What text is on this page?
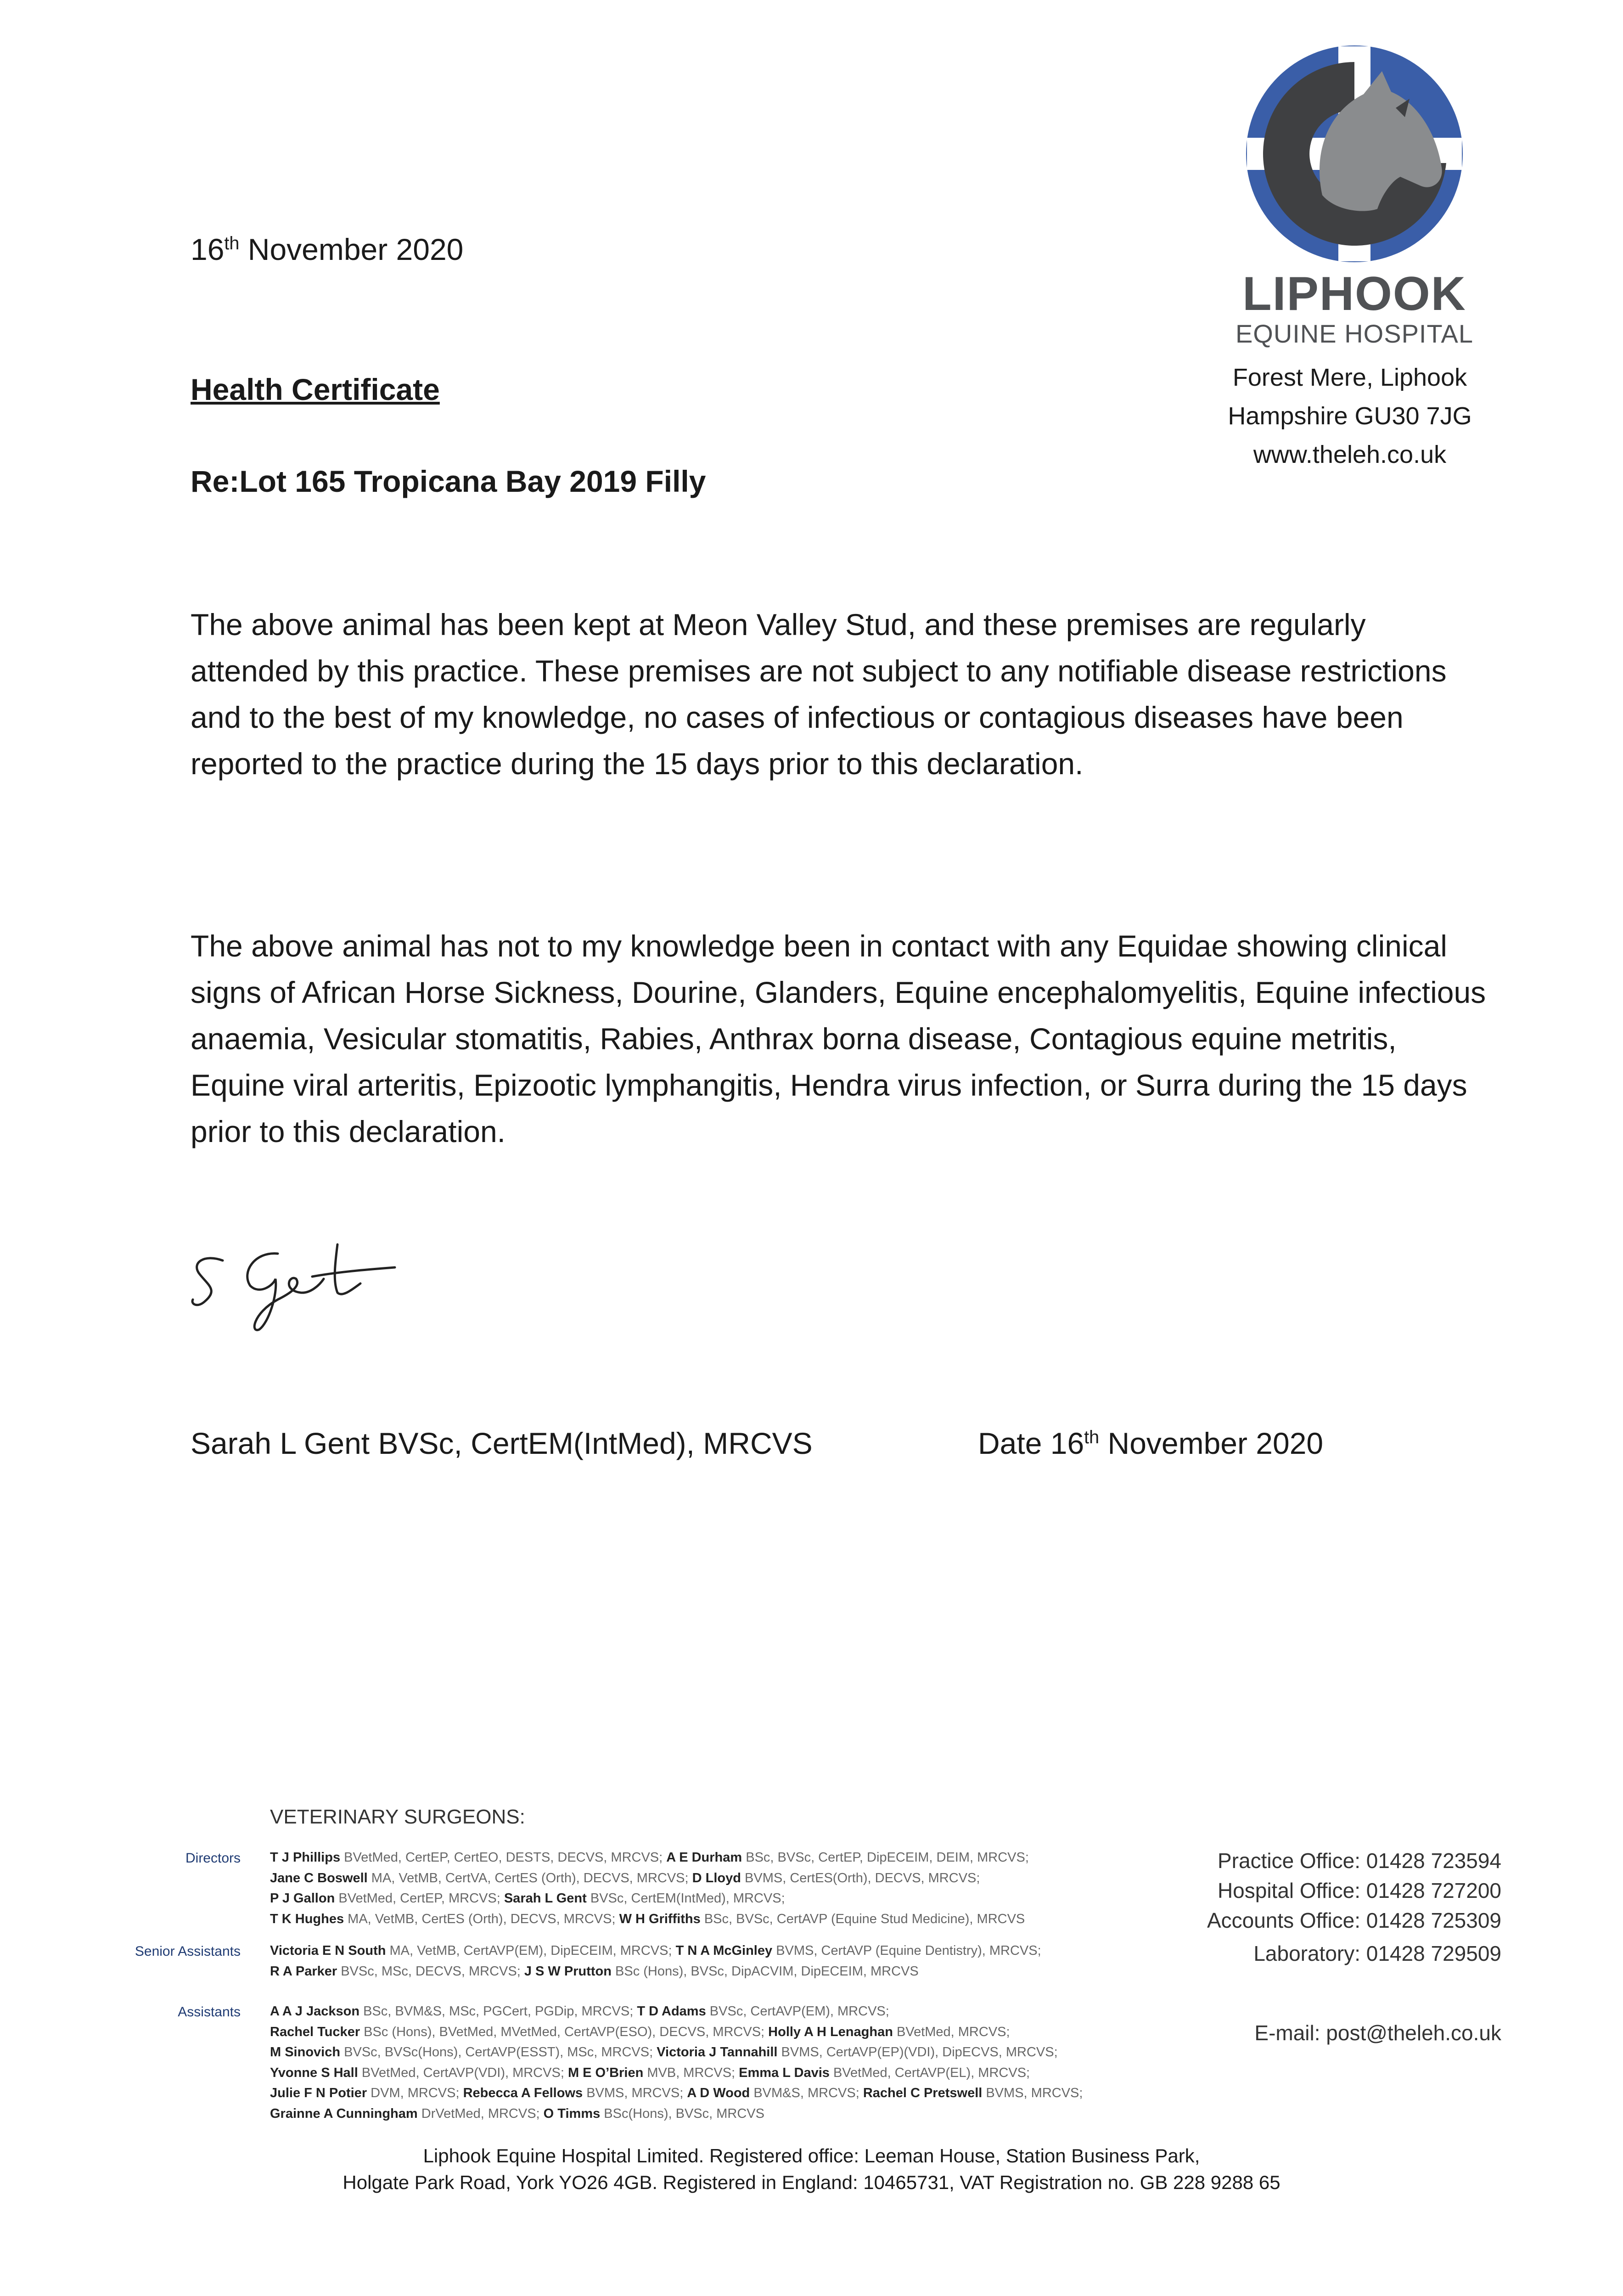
LIPHOOK
EQUINE HOSPITAL
Forest Mere, Liphook
Hampshire GU30 7JG
www.theleh.co.uk
16th November 2020
Health Certificate
Re:Lot 165 Tropicana Bay 2019 Filly
The above animal has been kept at Meon Valley Stud, and these premises are regularly
attended by this practice. These premises are not subject to any notifiable disease restrictions
and to the best of my knowledge, no cases of infectious or contagious diseases have been
reported to the practice during the 15 days prior to this declaration.
The above animal has not to my knowledge been in contact with any Equidae showing clinical
signs of African Horse Sickness, Dourine, Glanders, Equine encephalomyelitis, Equine infectious
anaemia, Vesicular stomatitis, Rabies, Anthrax borna disease, Contagious equine metritis,
Equine viral arteritis, Epizootic lymphangitis, Hendra virus infection, or Surra during the 15 days
prior to this declaration.
Sarah L Gent BVSc, CertEM(IntMed), MRCVS	Date 16th November 2020
VETERINARY SURGEONS:
Directors T J Phillips BVetMed, CertEP, CertEO, DESTS, DECVS, MRCVS; A E Durham BSc, BVSc, CertEP, DipECEIM, DEIM, MRCVS;
Jane C Boswell MA, VetMB, CertVA, CertES (Orth), DECVS, MRCVS; D Lloyd BVMS, CertES(Orth), DECVS, MRCVS;
P J Gallon BVetMed, CertEP, MRCVS; Sarah L Gent BVSc, CertEM(IntMed), MRCVS;
T K Hughes MA, VetMB, CertES (Orth), DECVS, MRCVS; W H Griffiths BSc, BVSc, CertAVP (Equine Stud Medicine), MRCVS
Senior Assistants Victoria E N South MA, VetMB, CertAVP(EM), DipECEIM, MRCVS; T N A McGinley BVMS, CertAVP (Equine Dentistry), MRCVS;
R A Parker BVSc, MSc, DECVS, MRCVS; J S W Prutton BSc (Hons), BVSc, DipACVIM, DipECEIM, MRCVS
Assistants A A J Jackson BSc, BVM&S, MSc, PGCert, PGDip, MRCVS; T D Adams BVSc, CertAVP(EM), MRCVS;
Rachel Tucker BSc (Hons), BVetMed, MVetMed, CertAVP(ESO), DECVS, MRCVS; Holly A H Lenaghan BVetMed, MRCVS;
M Sinovich BVSc, BVSc(Hons), CertAVP(ESST), MSc, MRCVS; Victoria J Tannahill BVMS, CertAVP(EP)(VDI), DipECVS, MRCVS;
Yvonne S Hall BVetMed, CertAVP(VDI), MRCVS; M E O’Brien MVB, MRCVS; Emma L Davis BVetMed, CertAVP(EL), MRCVS;
Julie F N Potier DVM, MRCVS; Rebecca A Fellows BVMS, MRCVS; A D Wood BVM&S, MRCVS; Rachel C Pretswell BVMS, MRCVS;
Grainne A Cunningham DrVetMed, MRCVS; O Timms BSc(Hons), BVSc, MRCVS
Practice Office: 01428 723594
Hospital Office: 01428 727200
Accounts Office: 01428 725309
Laboratory: 01428 729509
E-mail: post@theleh.co.uk
Liphook Equine Hospital Limited. Registered office: Leeman House, Station Business Park,
Holgate Park Road, York YO26 4GB. Registered in England: 10465731, VAT Registration no. GB 228 9288 65
